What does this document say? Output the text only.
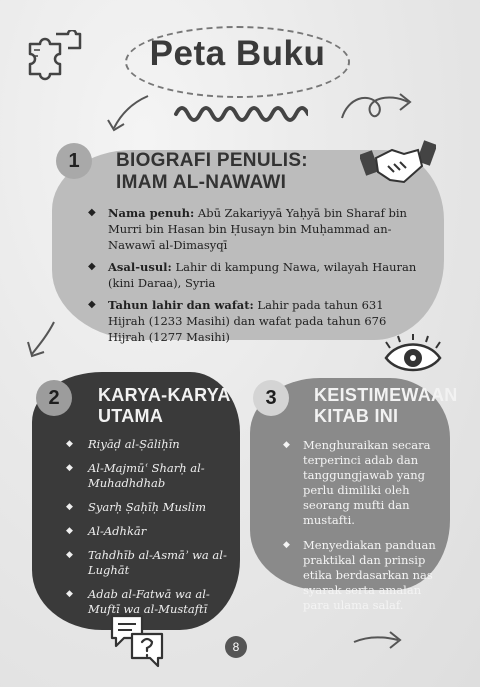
Peta Buku
1	BIOGRAFI PENULIS: IMAM AL-NAWAWI
◆ Nama penuh: Abū Zakariyyā Yaḥyā bin Sharaf bin Murri bin Hasan bin Ḥusayn bin Muḥammad an-Nawawī al-Dimasyqī
◆ Asal-usul: Lahir di kampung Nawa, wilayah Hauran (kini Daraa), Syria
◆ Tahun lahir dan wafat: Lahir pada tahun 631 Hijrah (1233 Masihi) dan wafat pada tahun 676 Hijrah (1277 Masihi)
2	KARYA-KARYA UTAMA
◆ Riyāḍ al-Ṣāliḥīn
◆ Al-Majmūʿ Sharḥ al-Muhadhdhab
◆ Syarḥ Ṣaḥīḥ Muslim
◆ Al-Adhkār
◆ Tahdhīb al-Asmāʾ wa al-Lughāt
◆ Adab al-Fatwā wa al-Muftī wa al-Mustaftī
3	KEISTIMEWAAN KITAB INI
◆ Menghuraikan secara terperinci adab dan tanggungjawab yang perlu dimiliki oleh seorang mufti dan mustafti.
◆ Menyediakan panduan praktikal dan prinsip etika berdasarkan nas syarak serta amalan para ulama salaf.
8
